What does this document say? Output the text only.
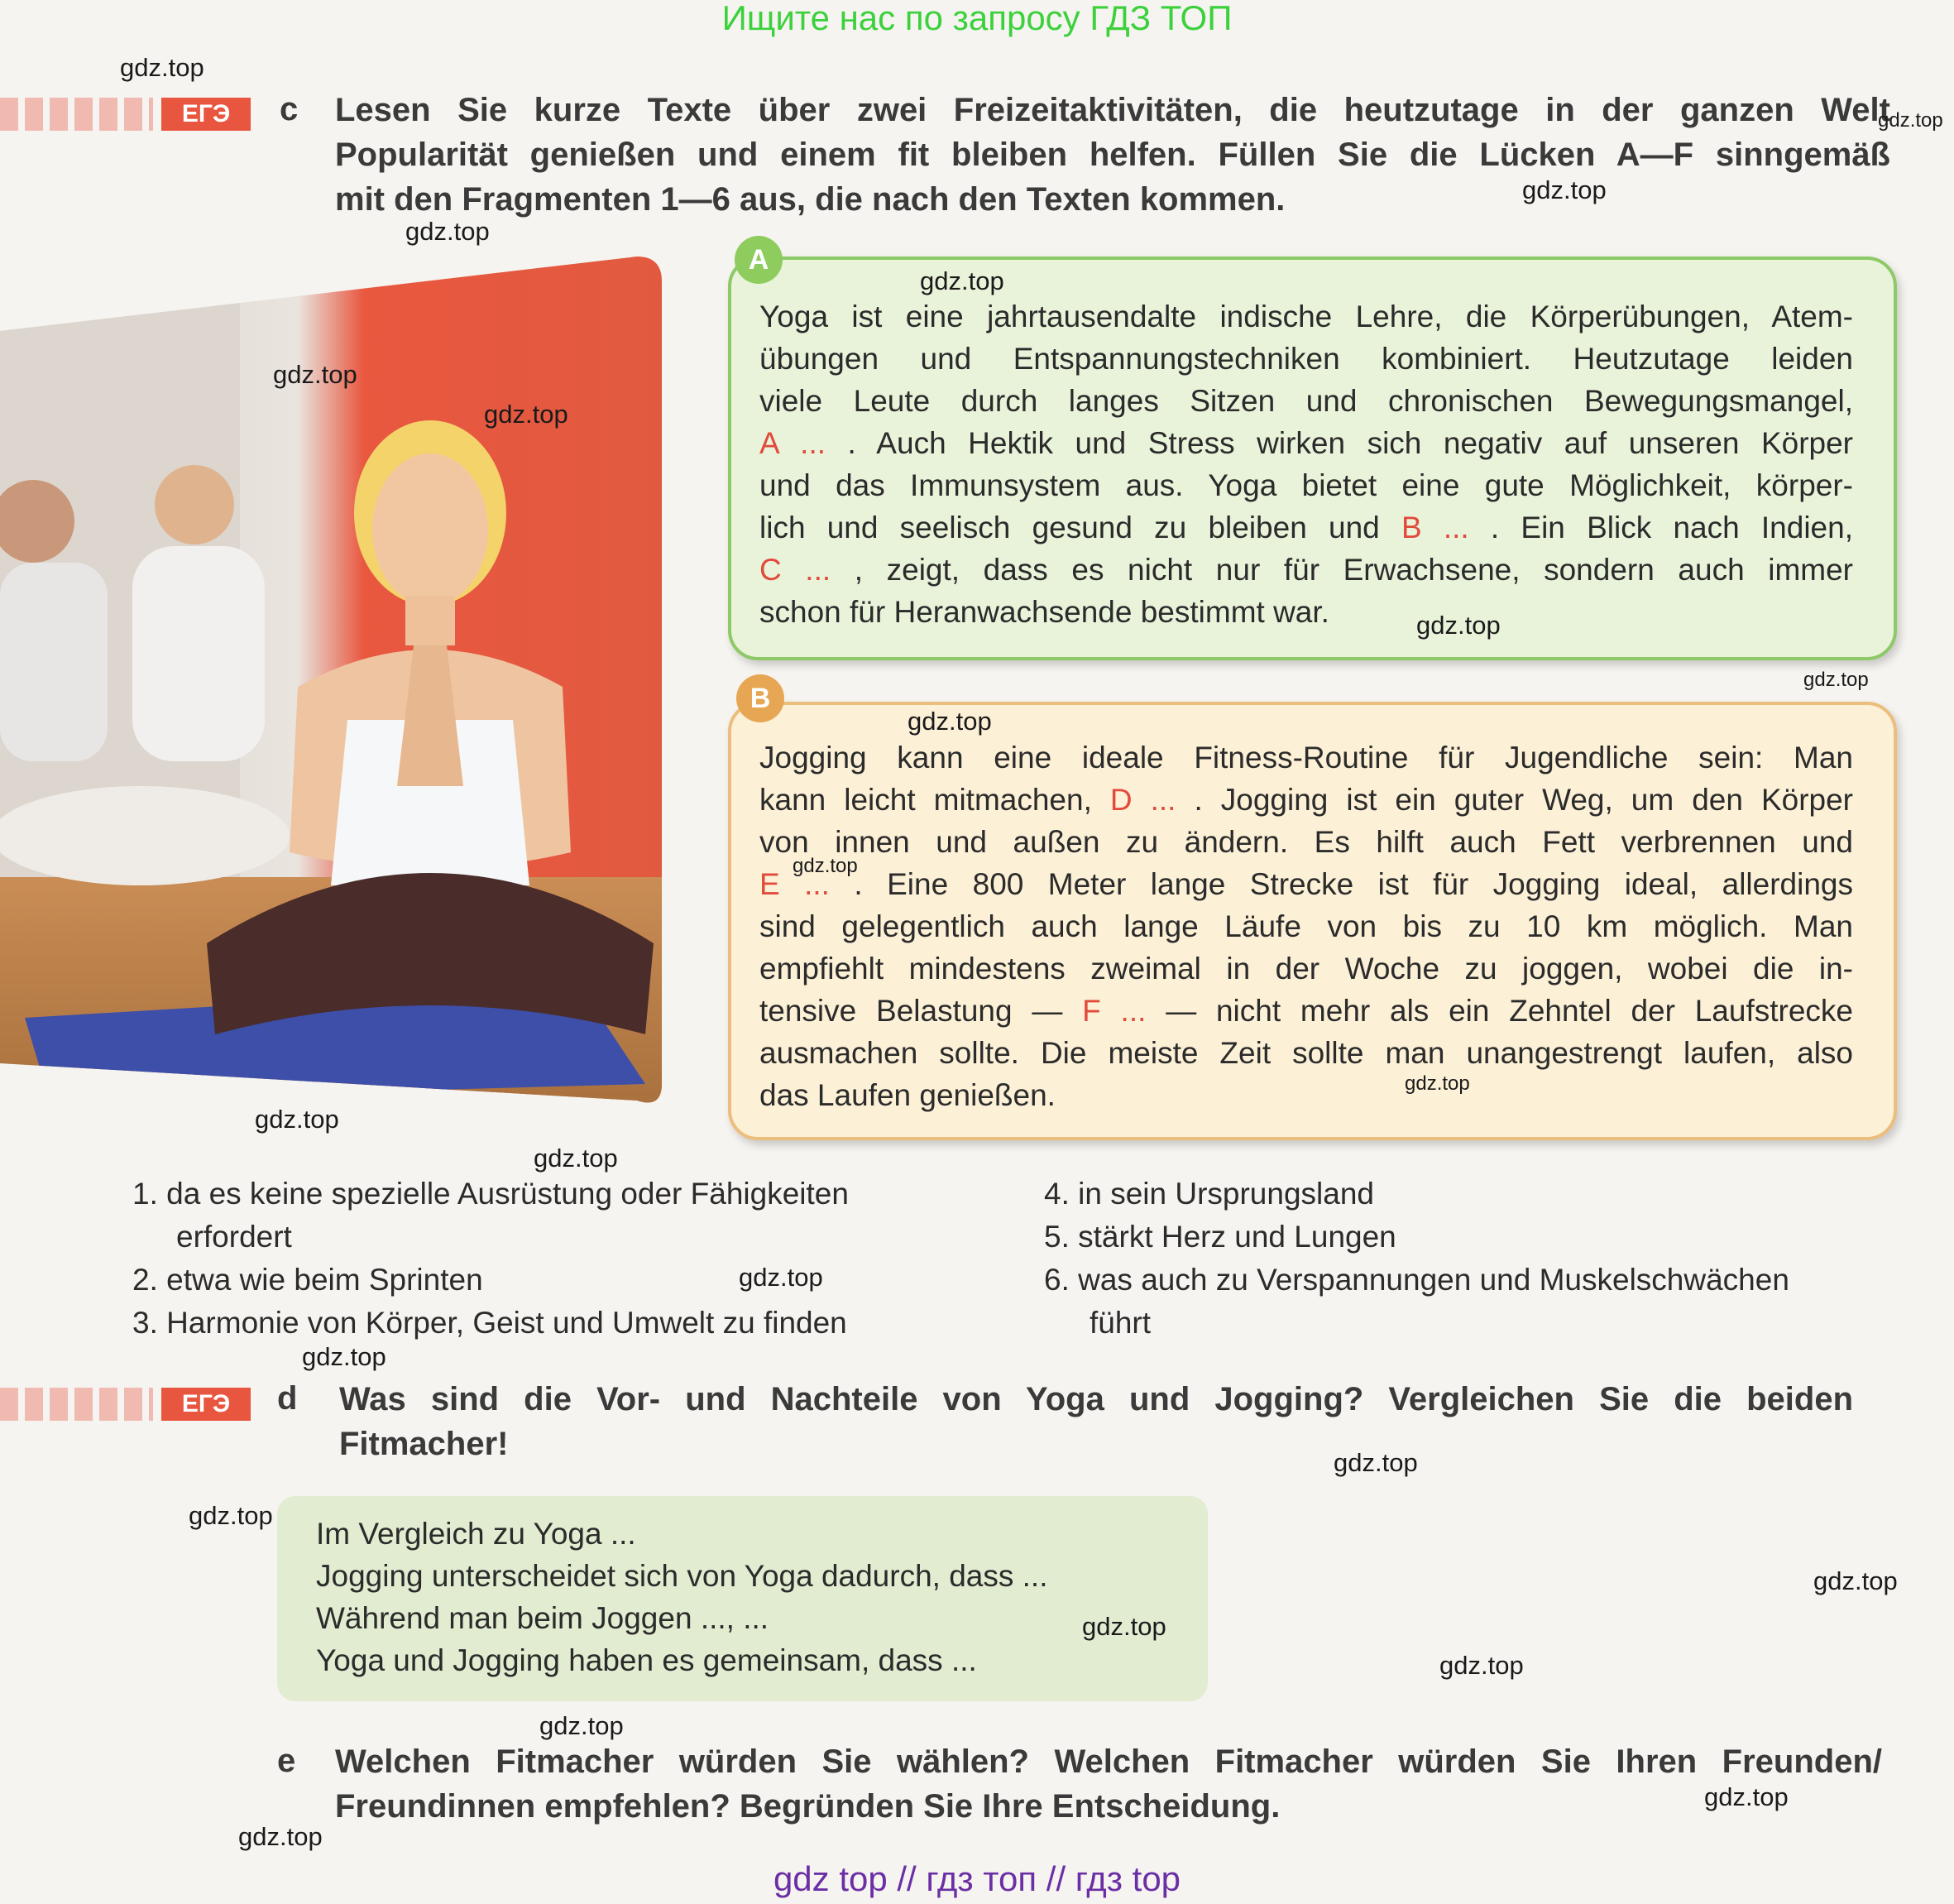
Ищите нас по запросу ГДЗ ТОП
ЕГЭ	c Lesen Sie kurze Texte über zwei Freizeitaktivitäten, die heutzutage in der ganzen Welt
Popularität genießen und einem fit bleiben helfen. Füllen Sie die Lücken A—F sinngemäß
mit den Fragmenten 1—6 aus, die nach den Texten kommen.
A
Yoga ist eine jahrtausendalte indische Lehre, die Körperübungen, Atem-
übungen und Entspannungstechniken kombiniert. Heutzutage leiden
viele Leute durch langes Sitzen und chronischen Bewegungsmangel,
A ... . Auch Hektik und Stress wirken sich negativ auf unseren Körper
und das Immunsystem aus. Yoga bietet eine gute Möglichkeit, körper-
lich und seelisch gesund zu bleiben und B ... . Ein Blick nach Indien,
C ... , zeigt, dass es nicht nur für Erwachsene, sondern auch immer
schon für Heranwachsende bestimmt war.
B
Jogging kann eine ideale Fitness-Routine für Jugendliche sein: Man
kann leicht mitmachen, D ... . Jogging ist ein guter Weg, um den Körper
von innen und außen zu ändern. Es hilft auch Fett verbrennen und
E ... . Eine 800 Meter lange Strecke ist für Jogging ideal, allerdings
sind gelegentlich auch lange Läufe von bis zu 10 km möglich. Man
empfiehlt mindestens zweimal in der Woche zu joggen, wobei die in-
tensive Belastung — F ... — nicht mehr als ein Zehntel der Laufstrecke
ausmachen sollte. Die meiste Zeit sollte man unangestrengt laufen, also
das Laufen genießen.
1. da es keine spezielle Ausrüstung oder Fähigkeiten
erfordert
2. etwa wie beim Sprinten
3. Harmonie von Körper, Geist und Umwelt zu finden
4. in sein Ursprungsland
5. stärkt Herz und Lungen
6. was auch zu Verspannungen und Muskelschwächen
führt
ЕГЭ	d Was sind die Vor- und Nachteile von Yoga und Jogging? Vergleichen Sie die beiden
Fitmacher!
Im Vergleich zu Yoga ...
Jogging unterscheidet sich von Yoga dadurch, dass ...
Während man beim Joggen ..., ...
Yoga und Jogging haben es gemeinsam, dass ...
e Welchen Fitmacher würden Sie wählen? Welchen Fitmacher würden Sie Ihren Freunden/
Freundinnen empfehlen? Begründen Sie Ihre Entscheidung.
gdz.top
gdz.top
gdz.top
gdz.top
gdz.top
gdz.top
gdz.top
gdz.top
gdz.top
gdz.top
gdz.top
gdz.top
gdz.top
gdz.top
gdz.top
gdz.top
gdz.top
gdz.top
gdz.top
gdz.top
gdz.top
gdz.top
gdz.top
gdz.top
gdz top // гдз топ // гдз top
